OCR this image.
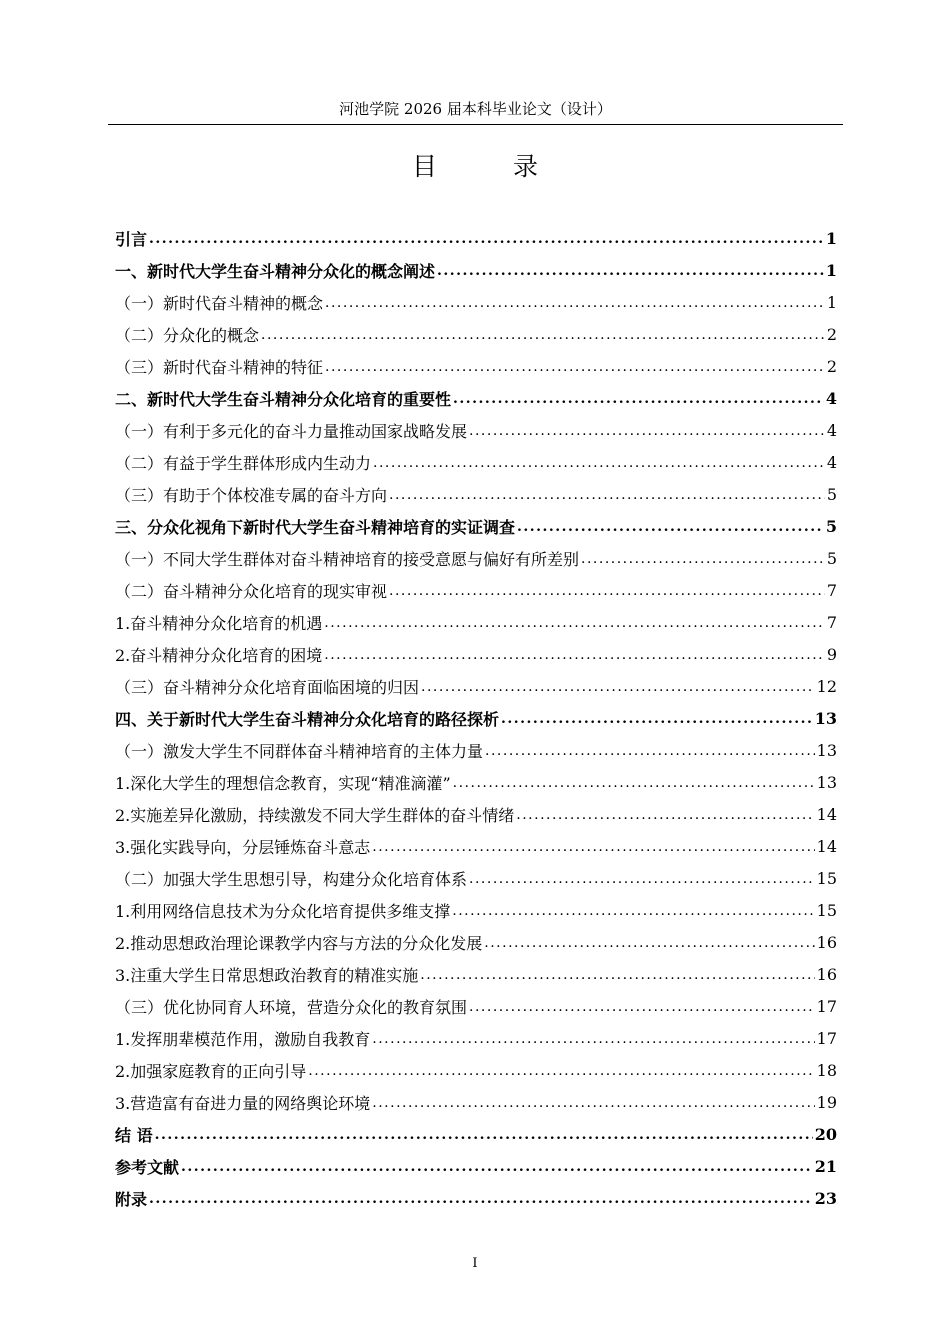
河池学院 2026 届本科毕业论文（设计）
目 录
引言 .....	1
一、新时代大学生奋斗精神分众化的概念阐述 .....	1
（一）新时代奋斗精神的概念 .....	1
（二）分众化的概念 .....	2
（三）新时代奋斗精神的特征 .....	2
二、新时代大学生奋斗精神分众化培育的重要性 .....	4
（一）有利于多元化的奋斗力量推动国家战略发展 .....	4
（二）有益于学生群体形成内生动力 .....	4
（三）有助于个体校准专属的奋斗方向 .....	5
三、分众化视角下新时代大学生奋斗精神培育的实证调查 .....	5
（一）不同大学生群体对奋斗精神培育的接受意愿与偏好有所差别 .....	5
（二）奋斗精神分众化培育的现实审视 .....	7
1.奋斗精神分众化培育的机遇 .....	7
2.奋斗精神分众化培育的困境 .....	9
（三）奋斗精神分众化培育面临困境的归因 .....	12
四、关于新时代大学生奋斗精神分众化培育的路径探析 .....	13
（一）激发大学生不同群体奋斗精神培育的主体力量 .....	13
1.深化大学生的理想信念教育，实现“精准滴灌” .....	13
2.实施差异化激励，持续激发不同大学生群体的奋斗情绪 .....	14
3.强化实践导向，分层锤炼奋斗意志 .....	14
（二）加强大学生思想引导，构建分众化培育体系 .....	15
1.利用网络信息技术为分众化培育提供多维支撑 .....	15
2.推动思想政治理论课教学内容与方法的分众化发展 .....	16
3.注重大学生日常思想政治教育的精准实施 .....	16
（三）优化协同育人环境，营造分众化的教育氛围 .....	17
1.发挥朋辈模范作用，激励自我教育 .....	17
2.加强家庭教育的正向引导 .....	18
3.营造富有奋进力量的网络舆论环境 .....	19
结 语 .....	20
参考文献 .....	21
附录 .....	23
I
